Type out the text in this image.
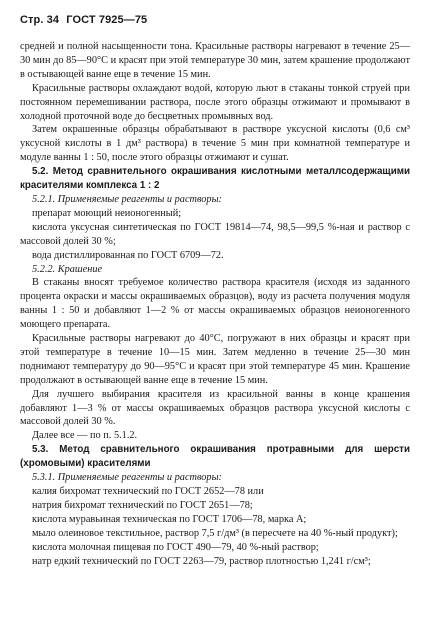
Стр. 34 ГОСТ 7925—75

средней и полной насыщенности тона. Красильные растворы нагревают в течение 25—30 мин до 85—90°С и красят при этой температуре 30 мин, затем крашение продолжают в остывающей ванне еще в течение 15 мин.

Красильные растворы охлаждают водой, которую льют в стаканы тонкой струей при постоянном перемешивании раствора, после этого образцы отжимают и промывают в холодной проточной воде до бесцветных промывных вод.

Затем окрашенные образцы обрабатывают в растворе уксусной кислоты (0,6 см³ уксусной кислоты в 1 дм³ раствора) в течение 5 мин при комнатной температуре и модуле ванны 1 : 50, после этого образцы отжимают и сушат.

5.2. Метод сравнительного окрашивания кислотными металлсодержащими красителями комплекса 1 : 2

5.2.1. Применяемые реагенты и растворы:

препарат моющий неионогенный;

кислота уксусная синтетическая по ГОСТ 19814—74, 98,5—99,5 %-ная и раствор с массовой долей 30 %;

вода дистиллированная по ГОСТ 6709—72.

5.2.2. Крашение

В стаканы вносят требуемое количество раствора красителя (исходя из заданного процента окраски и массы окрашиваемых образцов), воду из расчета получения модуля ванны 1 : 50 и добавляют 1—2 % от массы окрашиваемых образцов неионогенного моющего препарата.

Красильные растворы нагревают до 40°С, погружают в них образцы и красят при этой температуре в течение 10—15 мин. Затем медленно в течение 25—30 мин поднимают температуру до 90—95°С и красят при этой температуре 45 мин. Крашение продолжают в остывающей ванне еще в течение 15 мин.

Для лучшего выбирания красителя из красильной ванны в конце крашения добавляют 1—3 % от массы окрашиваемых образцов раствора уксусной кислоты с массовой долей 30 %.

Далее все — по п. 5.1.2.

5.3. Метод сравнительного окрашивания протравными для шерсти (хромовыми) красителями

5.3.1. Применяемые реагенты и растворы:

калия бихромат технический по ГОСТ 2652—78 или

натрия бихромат технический по ГОСТ 2651—78;

кислота муравьиная техническая по ГОСТ 1706—78, марка А;

мыло олеиновое текстильное, раствор 7,5 г/дм³ (в пересчете на 40 %-ный продукт);

кислота молочная пищевая по ГОСТ 490—79, 40 %-ный раствор;

натр едкий технический по ГОСТ 2263—79, раствор плотностью 1,241 г/см³;
